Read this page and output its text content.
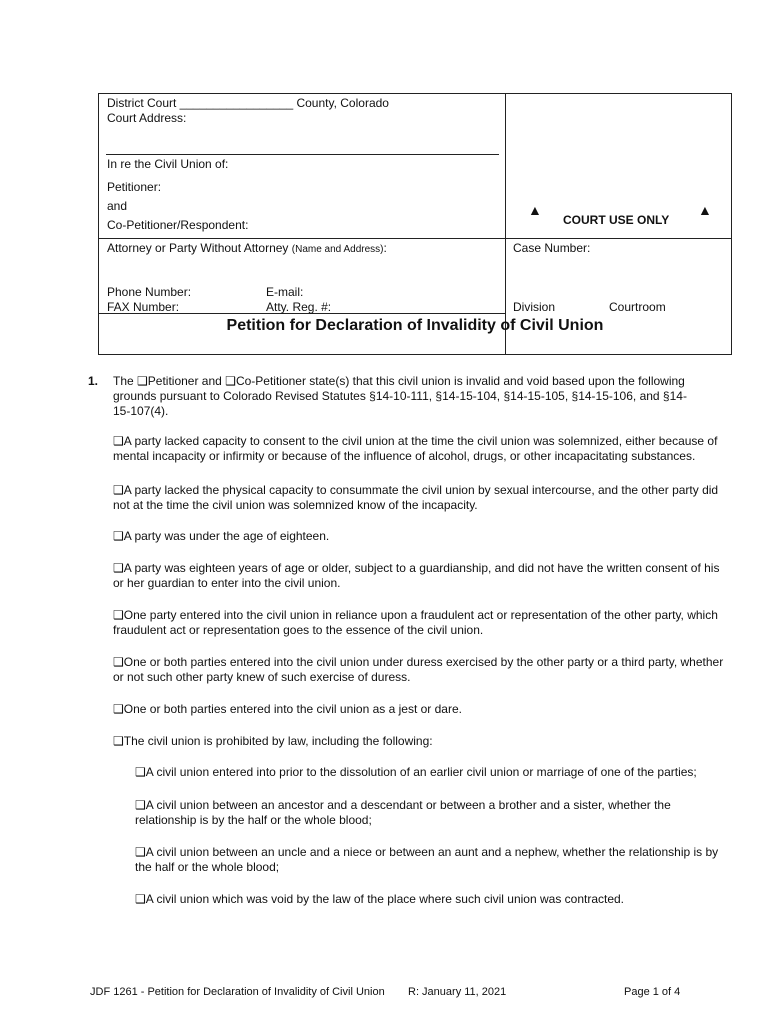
District Court _________________ County, Colorado
Court Address:
In re the Civil Union of:
Petitioner:
and
Co-Petitioner/Respondent:
Attorney or Party Without Attorney (Name and Address):
Phone Number:	E-mail:
FAX Number:	Atty. Reg. #:
▲
COURT USE ONLY
▲
Case Number:
Division	Courtroom
Petition for Declaration of Invalidity of Civil Union
1. The ❑Petitioner and ❑Co-Petitioner state(s) that this civil union is invalid and void based upon the following
grounds pursuant to Colorado Revised Statutes §14-10-111, §14-15-104, §14-15-105, §14-15-106, and §14-
15-107(4).
❑A party lacked capacity to consent to the civil union at the time the civil union was solemnized, either because of mental incapacity or infirmity or because of the influence of alcohol, drugs, or other incapacitating substances.
❑A party lacked the physical capacity to consummate the civil union by sexual intercourse, and the other party did not at the time the civil union was solemnized know of the incapacity.
❑A party was under the age of eighteen.
❑A party was eighteen years of age or older, subject to a guardianship, and did not have the written consent of his or her guardian to enter into the civil union.
❑One party entered into the civil union in reliance upon a fraudulent act or representation of the other party, which fraudulent act or representation goes to the essence of the civil union.
❑One or both parties entered into the civil union under duress exercised by the other party or a third party, whether or not such other party knew of such exercise of duress.
❑One or both parties entered into the civil union as a jest or dare.
❑The civil union is prohibited by law, including the following:
❑A civil union entered into prior to the dissolution of an earlier civil union or marriage of one of the parties;
❑A civil union between an ancestor and a descendant or between a brother and a sister, whether the relationship is by the half or the whole blood;
❑A civil union between an uncle and a niece or between an aunt and a nephew, whether the relationship is by the half or the whole blood;
❑A civil union which was void by the law of the place where such civil union was contracted.
JDF 1261 - Petition for Declaration of Invalidity of Civil Union R: January 11, 2021	Page 1 of 4
